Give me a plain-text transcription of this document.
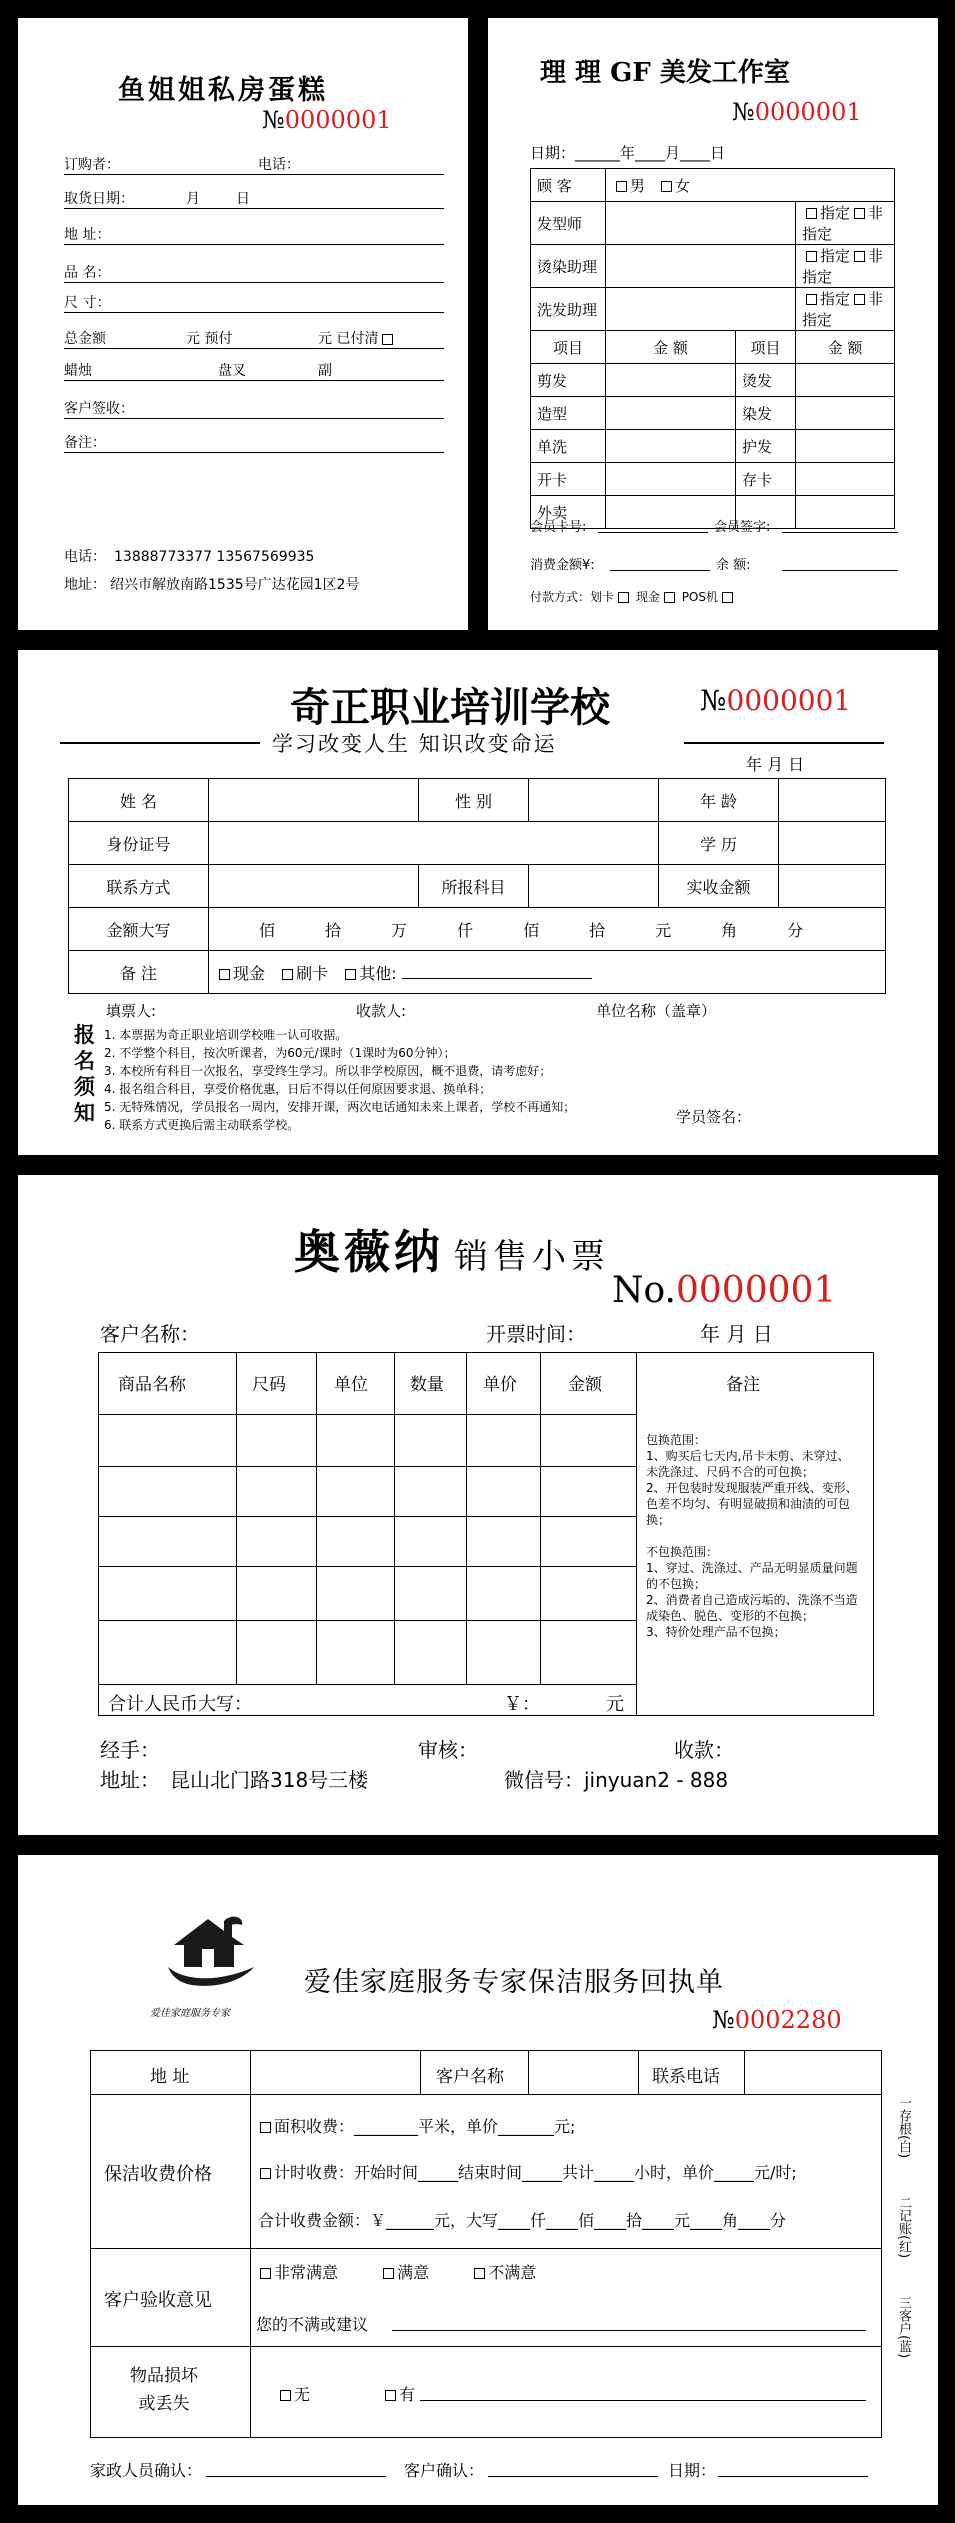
鱼姐姐私房蛋糕
№0000001
订购者：	电话：
取货日期：	月	日
地 址：
品 名：
尺 寸：
总金额	元 预付	元 已付清
蜡烛	盘叉	副
客户签收：
备注：
电话： 13888773377 13567569935
地址： 绍兴市解放南路1535号广达花园1区2号
理 理 GF 美发工作室
№0000001
日期：______年____月____日
顾 客	男 女		
发型师			指定 非指定
烫染助理			指定 非指定
洗发助理			指定 非指定
项目	金 额	项目	金 额
剪发		烫发	
造型		染发	
单洗		护发	
开卡		存卡	
外卖			
会员卡号:	会员签字:
消费金额¥:	余 额:
付款方式：划卡 现金 POS机
奇正职业培训学校	№0000001
学习改变人生 知识改变命运
年 月 日
姓 名		性 别		年 龄	
身份证号				学 历	
联系方式		所报科目		实收金额	
金额大写	佰 拾 万 仟 佰 拾 元 角 分				
备 注	现金 刷卡 其他:				
填票人:	收款人:	单位名称（盖章）
报
名
须
知
1. 本票据为奇正职业培训学校唯一认可收据。
2. 不学整个科目，按次听课者，为60元/课时（1课时为60分钟）；
3. 本校所有科目一次报名，享受终生学习。所以非学校原因，概不退费，请考虑好；
4. 报名组合科目，享受价格优惠，日后不得以任何原因要求退、换单科；
5. 无特殊情况，学员报名一周内，安排开课，两次电话通知未来上课者，学校不再通知；
6. 联系方式更换后需主动联系学校。	学员签名：
奥薇纳 销售小票
No.0000001
客户名称：	开票时间：	年 月 日
商品名称	尺码	单位 数量 单价	金额	备注
包换范围：
1、购买后七天内,吊卡未剪、未穿过、未洗涤过、尺码不合的可包换；
2、开包装时发现服装严重开线、变形、色差不均匀、有明显破损和油渍的可包换；

不包换范围：
1、穿过、洗涤过、产品无明显质量问题的不包换；
2、消费者自己造成污垢的、洗涤不当造成染色、脱色、变形的不包换；
3、特价处理产品不包换；
合计人民币大写：	￥：	元
经手：	审核：	收款：
地址： 昆山北门路318号三楼	微信号：jinyuan2 - 888
爱佳家庭服务专家
爱佳家庭服务专家保洁服务回执单
№0002280
地 址	客户名称	联系电话
保洁收费价格
面积收费：________平米，单价_______元;
计时收费：开始时间_____结束时间_____共计_____小时，单价_____元/时;
合计收费金额：￥______元，大写____仟____佰____拾____元____角____分
客户验收意见
非常满意	满意	不满意
您的不满或建议
物品损坏
或丢失	无	有
一存根(白)
二记账(红)
三客户(蓝)
家政人员确认：	客户确认：	日期：
